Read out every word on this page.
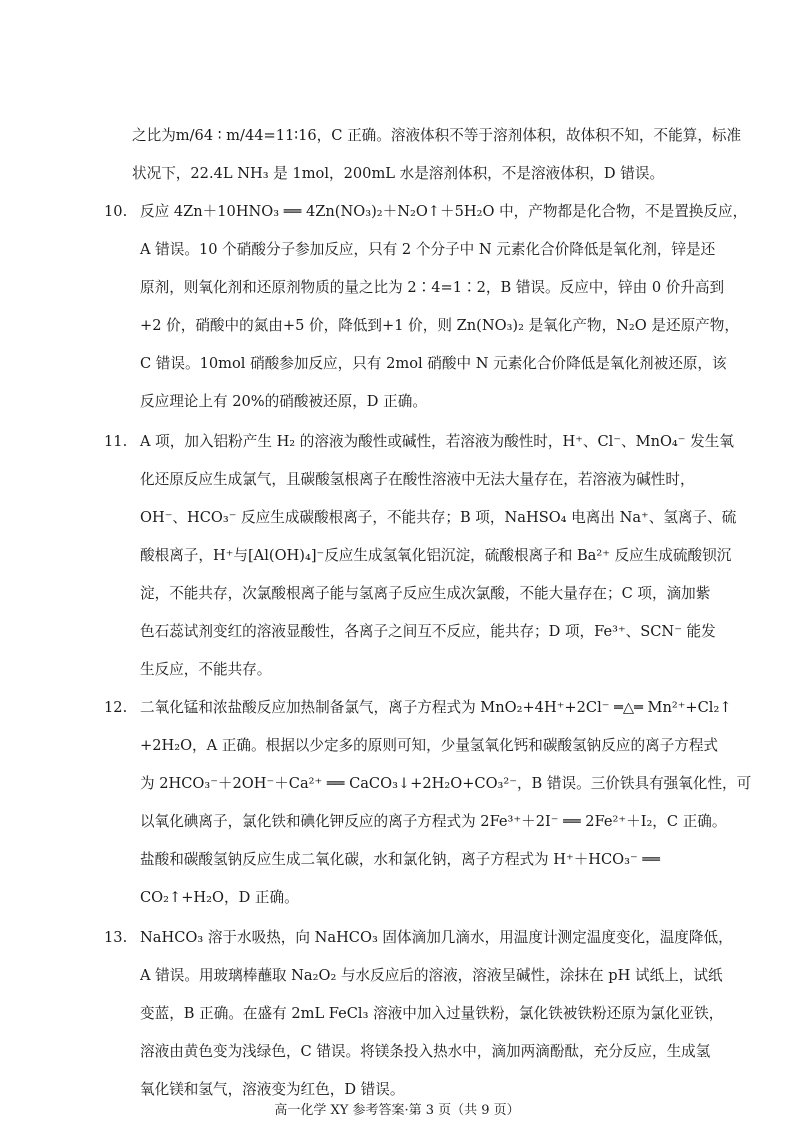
之比为m/64 ∶ m/44=11∶16，C 正确。溶液体积不等于溶剂体积，故体积不知，不能算，标准
状况下，22.4L NH₃ 是 1mol，200mL 水是溶剂体积，不是溶液体积，D 错误。
10. 反应 4Zn＋10HNO₃ ══ 4Zn(NO₃)₂＋N₂O↑＋5H₂O 中，产物都是化合物，不是置换反应，
A 错误。10 个硝酸分子参加反应，只有 2 个分子中 N 元素化合价降低是氧化剂，锌是还
原剂，则氧化剂和还原剂物质的量之比为 2∶4=1∶2，B 错误。反应中，锌由 0 价升高到
+2 价，硝酸中的氮由+5 价，降低到+1 价，则 Zn(NO₃)₂ 是氧化产物，N₂O 是还原产物，
C 错误。10mol 硝酸参加反应，只有 2mol 硝酸中 N 元素化合价降低是氧化剂被还原，该
反应理论上有 20%的硝酸被还原，D 正确。
11. A 项，加入铝粉产生 H₂ 的溶液为酸性或碱性，若溶液为酸性时，H⁺、Cl⁻、MnO₄⁻ 发生氧
化还原反应生成氯气，且碳酸氢根离子在酸性溶液中无法大量存在，若溶液为碱性时，
OH⁻、HCO₃⁻ 反应生成碳酸根离子，不能共存；B 项，NaHSO₄ 电离出 Na⁺、氢离子、硫
酸根离子，H⁺与[Al(OH)₄]⁻反应生成氢氧化铝沉淀，硫酸根离子和 Ba²⁺ 反应生成硫酸钡沉
淀，不能共存，次氯酸根离子能与氢离子反应生成次氯酸，不能大量存在；C 项，滴加紫
色石蕊试剂变红的溶液显酸性，各离子之间互不反应，能共存；D 项，Fe³⁺、SCN⁻ 能发
生反应，不能共存。
12. 二氧化锰和浓盐酸反应加热制备氯气，离子方程式为 MnO₂+4H⁺+2Cl⁻ ═△═ Mn²⁺+Cl₂↑
+2H₂O，A 正确。根据以少定多的原则可知，少量氢氧化钙和碳酸氢钠反应的离子方程式
为 2HCO₃⁻＋2OH⁻＋Ca²⁺ ══ CaCO₃↓+2H₂O+CO₃²⁻，B 错误。三价铁具有强氧化性，可
以氧化碘离子，氯化铁和碘化钾反应的离子方程式为 2Fe³⁺＋2I⁻ ══ 2Fe²⁺＋I₂，C 正确。
盐酸和碳酸氢钠反应生成二氧化碳，水和氯化钠，离子方程式为 H⁺＋HCO₃⁻ ══
CO₂↑+H₂O，D 正确。
13. NaHCO₃ 溶于水吸热，向 NaHCO₃ 固体滴加几滴水，用温度计测定温度变化，温度降低，
A 错误。用玻璃棒蘸取 Na₂O₂ 与水反应后的溶液，溶液呈碱性，涂抹在 pH 试纸上，试纸
变蓝，B 正确。在盛有 2mL FeCl₃ 溶液中加入过量铁粉，氯化铁被铁粉还原为氯化亚铁，
溶液由黄色变为浅绿色，C 错误。将镁条投入热水中，滴加两滴酚酞，充分反应，生成氢
氧化镁和氢气，溶液变为红色，D 错误。
高一化学 XY 参考答案·第 3 页（共 9 页）
